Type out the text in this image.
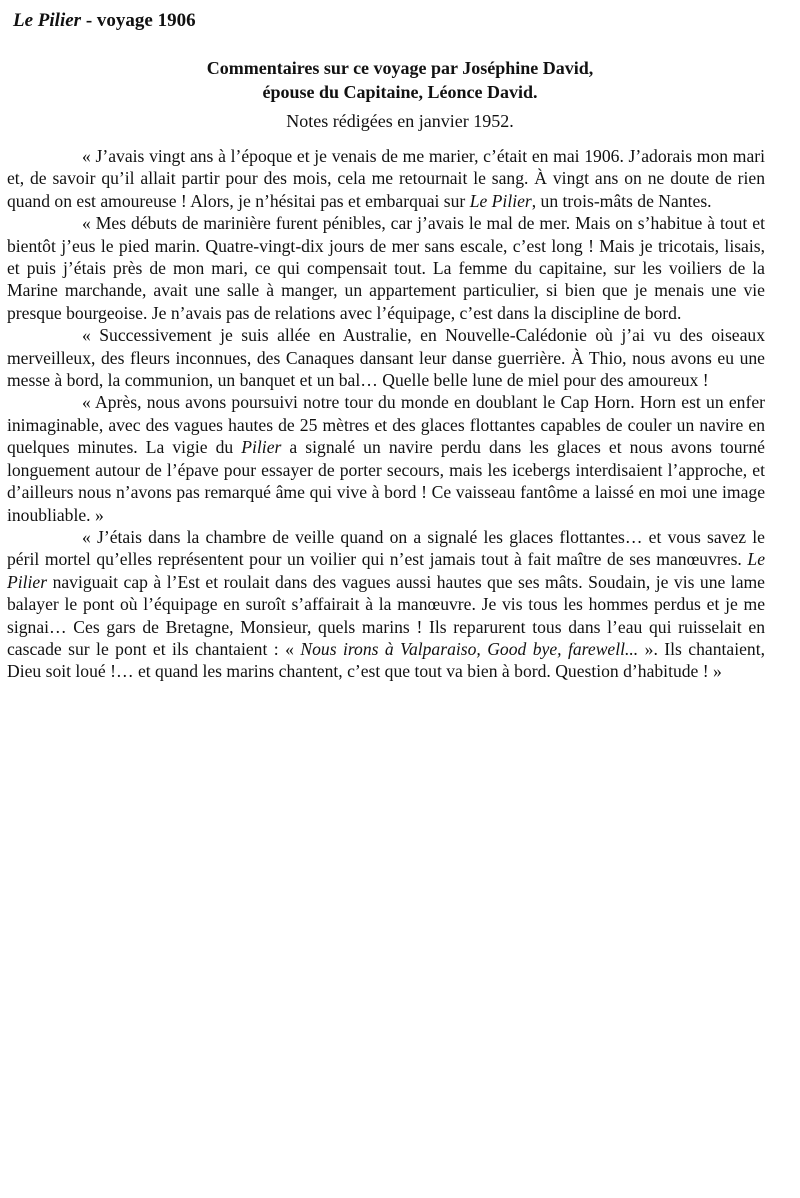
Le Pilier - voyage 1906
Commentaires sur ce voyage par Joséphine David,
épouse du Capitaine, Léonce David.
Notes rédigées en janvier 1952.

« J’avais vingt ans à l’époque et je venais de me marier, c’était en mai 1906. J’adorais mon mari et, de savoir qu’il allait partir pour des mois, cela me retournait le sang. À vingt ans on ne doute de rien quand on est amoureuse ! Alors, je n’hésitai pas et embarquai sur Le Pilier, un trois-mâts de Nantes.

« Mes débuts de marinière furent pénibles, car j’avais le mal de mer. Mais on s’habitue à tout et bientôt j’eus le pied marin. Quatre-vingt-dix jours de mer sans escale, c’est long ! Mais je tricotais, lisais, et puis j’étais près de mon mari, ce qui compensait tout. La femme du capitaine, sur les voiliers de la Marine marchande, avait une salle à manger, un appartement particulier, si bien que je menais une vie presque bourgeoise. Je n’avais pas de relations avec l’équipage, c’est dans la discipline de bord.

« Successivement je suis allée en Australie, en Nouvelle-Calédonie où j’ai vu des oiseaux merveilleux, des fleurs inconnues, des Canaques dansant leur danse guerrière. À Thio, nous avons eu une messe à bord, la communion, un banquet et un bal… Quelle belle lune de miel pour des amoureux !

« Après, nous avons poursuivi notre tour du monde en doublant le Cap Horn. Horn est un enfer inimaginable, avec des vagues hautes de 25 mètres et des glaces flottantes capables de couler un navire en quelques minutes. La vigie du Pilier a signalé un navire perdu dans les glaces et nous avons tourné longuement autour de l’épave pour essayer de porter secours, mais les icebergs interdisaient l’approche, et d’ailleurs nous n’avons pas remarqué âme qui vive à bord ! Ce vaisseau fantôme a laissé en moi une image inoubliable. »

« J’étais dans la chambre de veille quand on a signalé les glaces flottantes… et vous savez le péril mortel qu’elles représentent pour un voilier qui n’est jamais tout à fait maître de ses manœuvres. Le Pilier naviguait cap à l’Est et roulait dans des vagues aussi hautes que ses mâts. Soudain, je vis une lame balayer le pont où l’équipage en suroît s’affairait à la manœuvre. Je vis tous les hommes perdus et je me signai… Ces gars de Bretagne, Monsieur, quels marins ! Ils reparurent tous dans l’eau qui ruisselait en cascade sur le pont et ils chantaient : « Nous irons à Valparaiso, Good bye, farewell... ». Ils chantaient, Dieu soit loué !… et quand les marins chantent, c’est que tout va bien à bord. Question d’habitude ! »
